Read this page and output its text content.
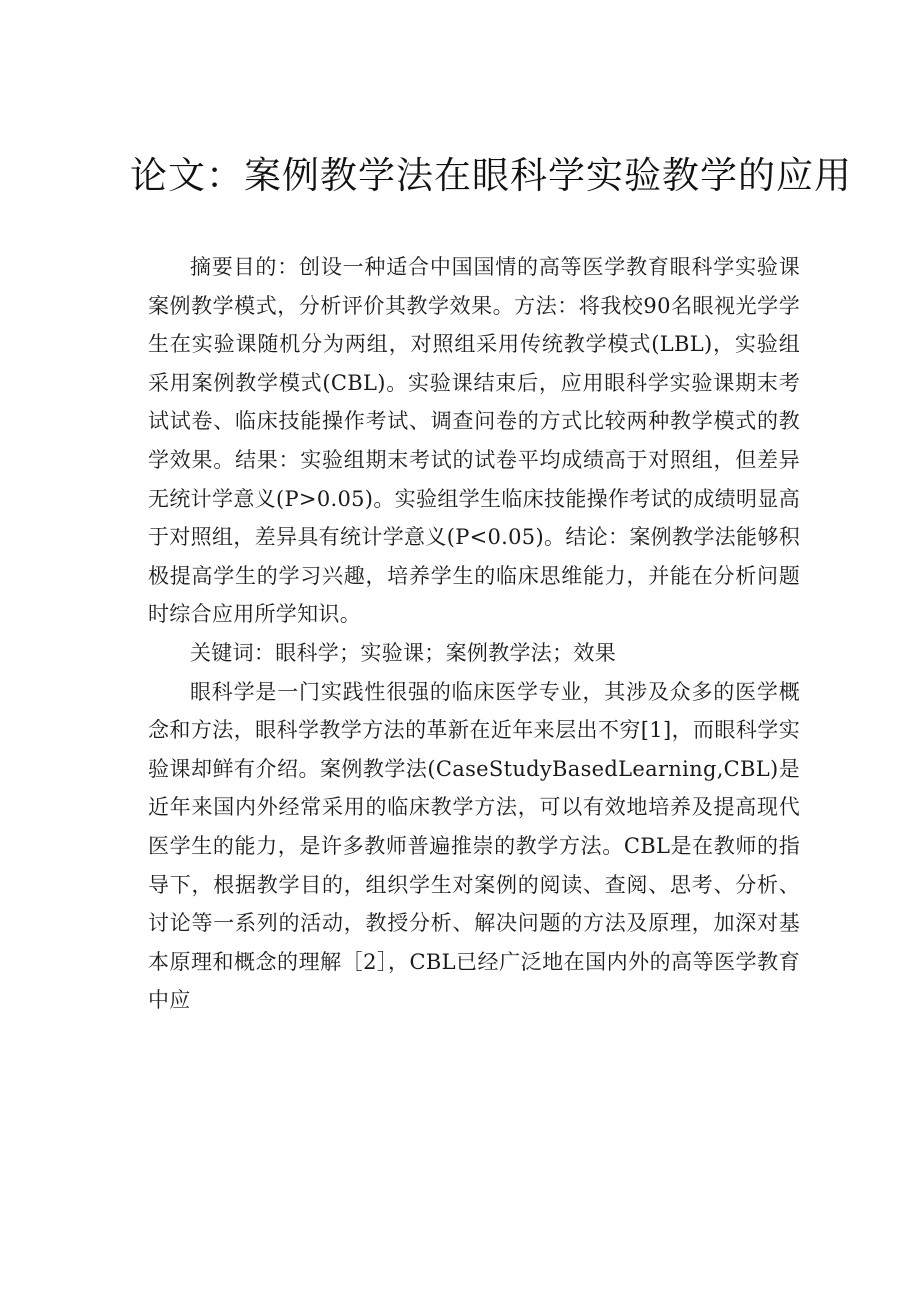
论文：案例教学法在眼科学实验教学的应用

摘要目的：创设一种适合中国国情的高等医学教育眼科学实验课案例教学模式，分析评价其教学效果。方法：将我校90名眼视光学学生在实验课随机分为两组，对照组采用传统教学模式(LBL)，实验组采用案例教学模式(CBL)。实验课结束后，应用眼科学实验课期末考试试卷、临床技能操作考试、调查问卷的方式比较两种教学模式的教学效果。结果：实验组期末考试的试卷平均成绩高于对照组，但差异无统计学意义(P>0.05)。实验组学生临床技能操作考试的成绩明显高于对照组，差异具有统计学意义(P<0.05)。结论：案例教学法能够积极提高学生的学习兴趣，培养学生的临床思维能力，并能在分析问题时综合应用所学知识。

关键词：眼科学；实验课；案例教学法；效果

眼科学是一门实践性很强的临床医学专业，其涉及众多的医学概念和方法，眼科学教学方法的革新在近年来层出不穷[1]，而眼科学实验课却鲜有介绍。案例教学法(CaseStudyBasedLearning,CBL)是近年来国内外经常采用的临床教学方法，可以有效地培养及提高现代医学生的能力，是许多教师普遍推崇的教学方法。CBL是在教师的指导下，根据教学目的，组织学生对案例的阅读、查阅、思考、分析、讨论等一系列的活动，教授分析、解决问题的方法及原理，加深对基本原理和概念的理解［2］，CBL已经广泛地在国内外的高等医学教育中应
